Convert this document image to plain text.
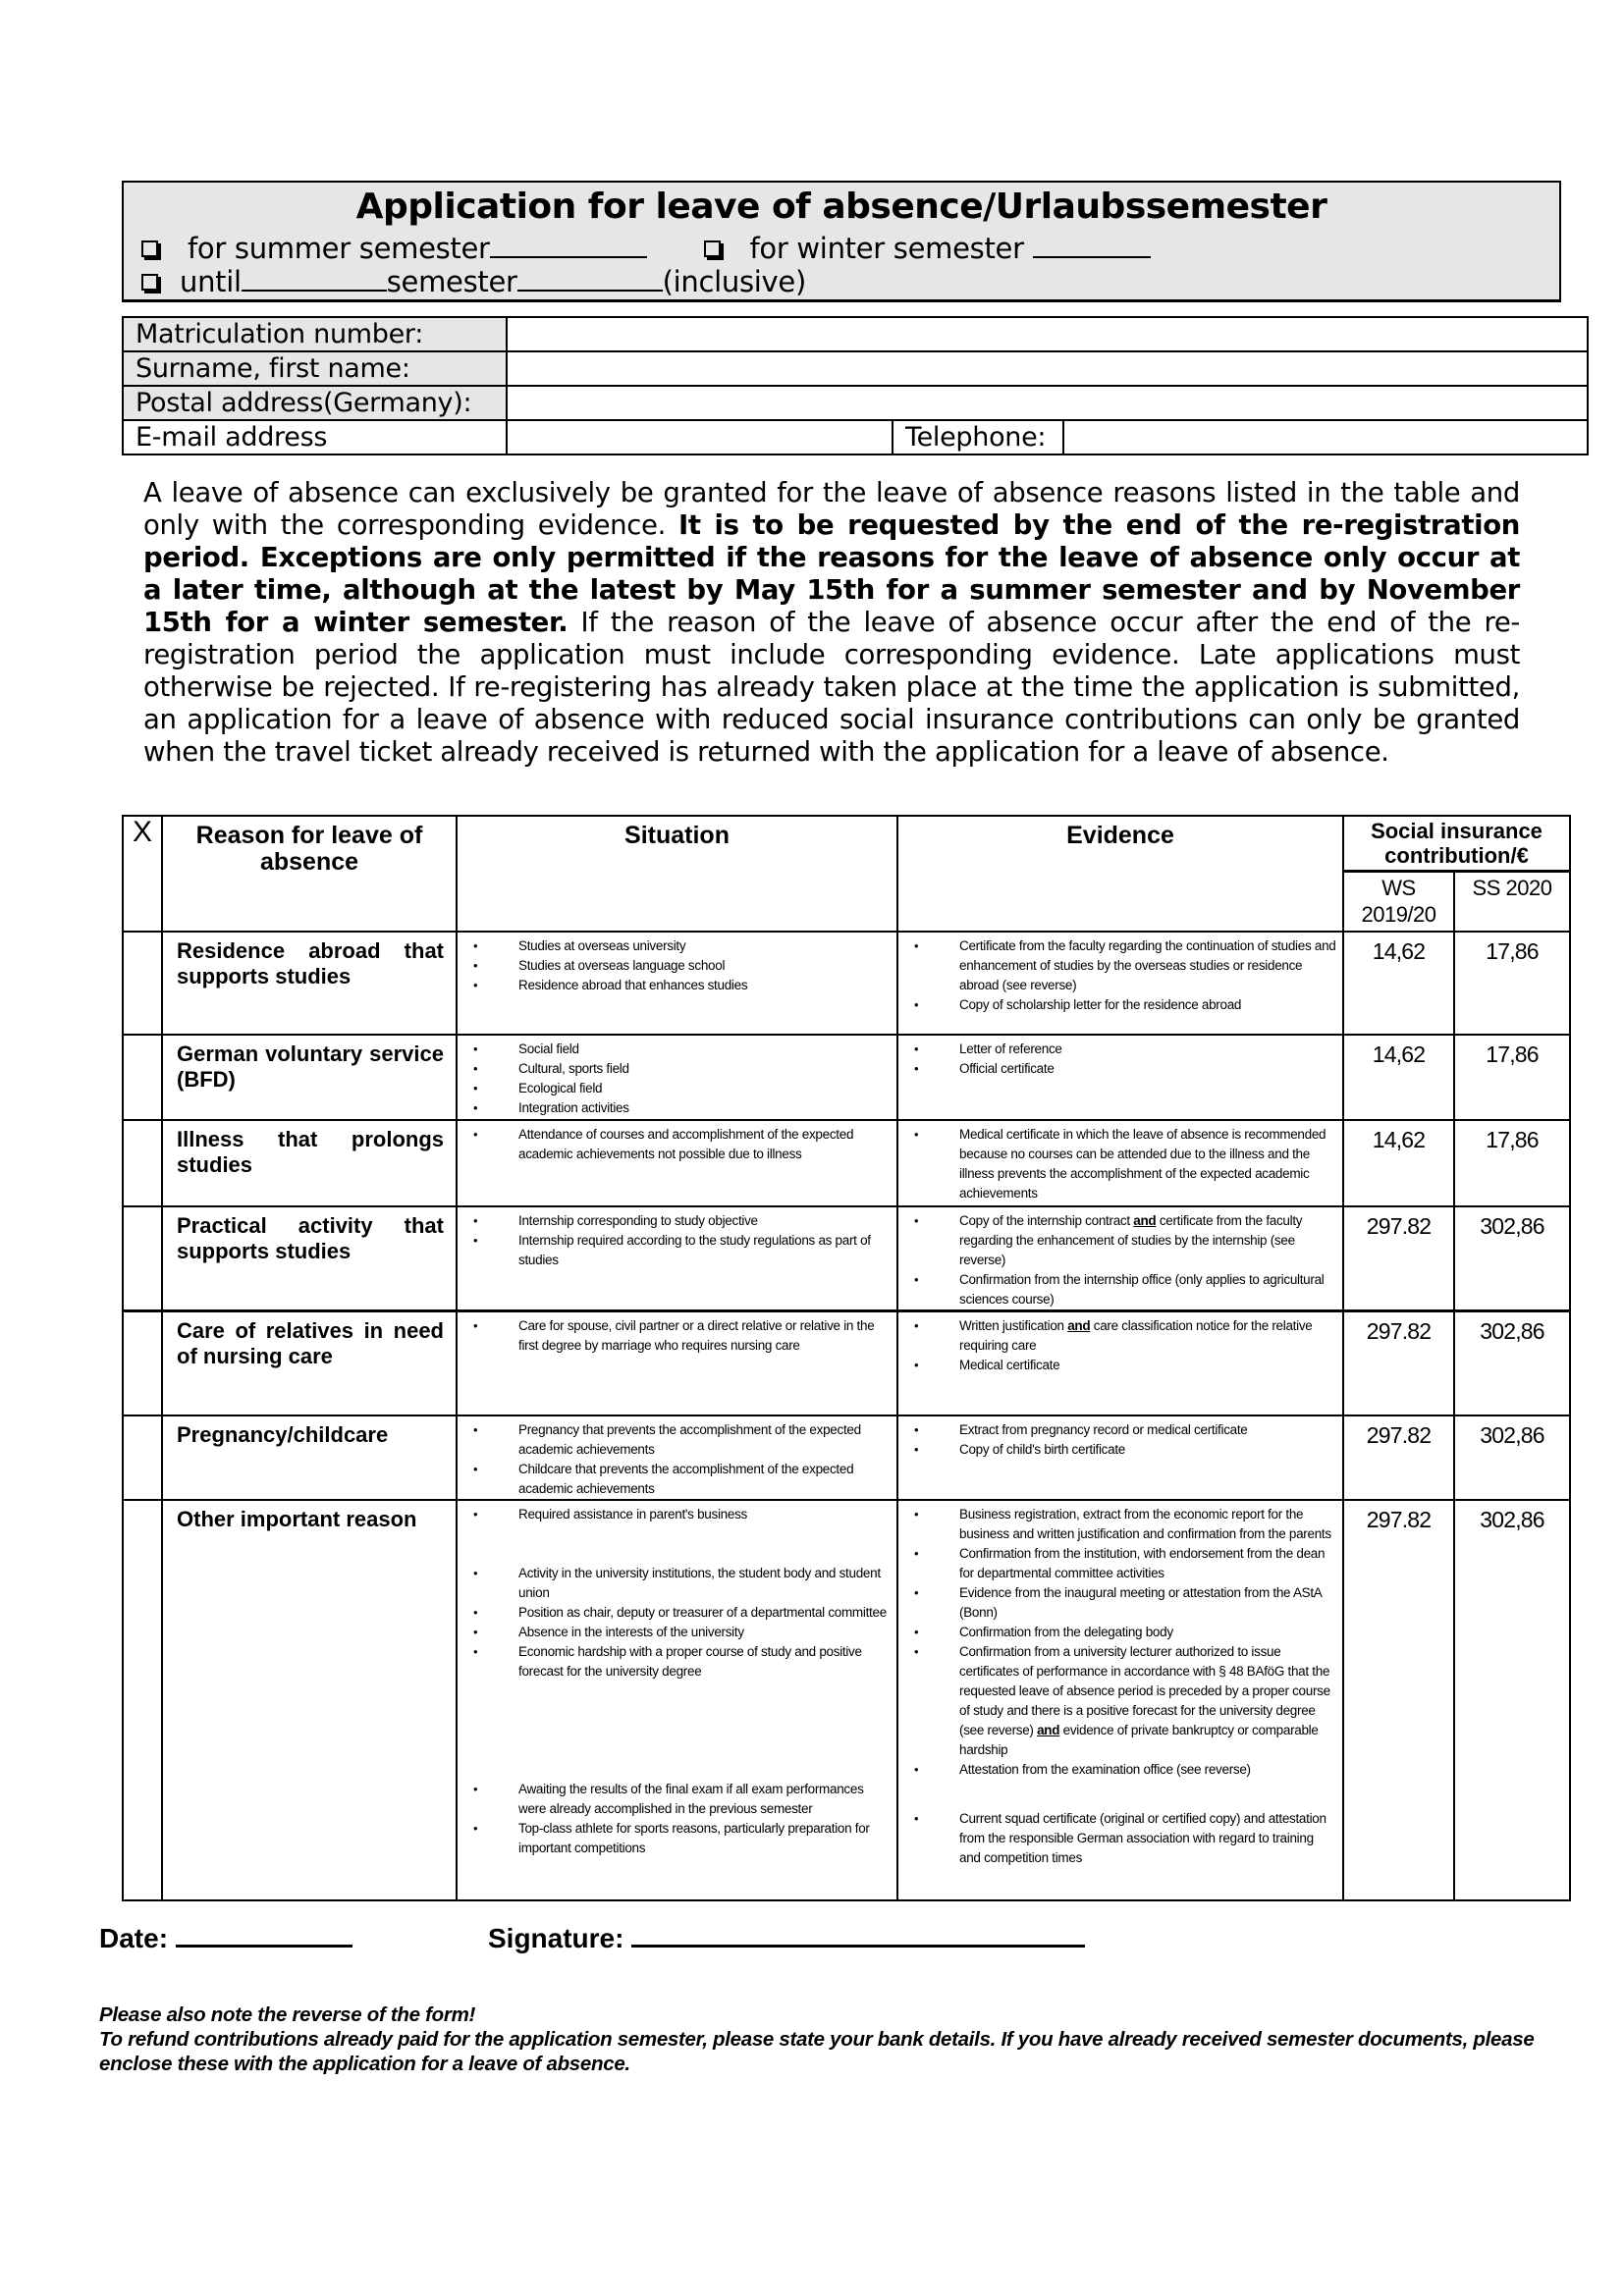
Application for leave of absence/Urlaubssemester
for summer semester	for winter semester
until	semester	(inclusive)
Matriculation number:			
Surname, first name:			
Postal address(Germany):			
E-mail address		Telephone:	
A leave of absence can exclusively be granted for the leave of absence reasons listed in the table and only with the corresponding evidence. It is to be requested by the end of the re-registration period. Exceptions are only permitted if the reasons for the leave of absence only occur at a later time, although at the latest by May 15th for a summer semester and by November 15th for a winter semester. If the reason of the leave of absence occur after the end of the re-registration period the application must include corresponding evidence. Late applications must otherwise be rejected. If re-registering has already taken place at the time the application is submitted, an application for a leave of absence with reduced social insurance contributions can only be granted when the travel ticket already received is returned with the application for a leave of absence.
X	Reason for leave of absence	Situation	Evidence	Social insurance contribution/€	
				WS 2019/20	SS 2020
	Residence abroad that supports studies	
• Studies at overseas university
• Studies at overseas language school
• Residence abroad that enhances studies

• Certificate from the faculty regarding the continuation of studies and enhancement of studies by the overseas studies or residence abroad (see reverse)
• Copy of scholarship letter for the residence abroad
	14,62	17,86
	German voluntary service (BFD)	
• Social field
• Cultural, sports field
• Ecological field
• Integration activities

• Letter of reference
• Official certificate
	14,62	17,86
	Illness that prolongs studies	
• Attendance of courses and accomplishment of the expected academic achievements not possible due to illness

• Medical certificate in which the leave of absence is recommended because no courses can be attended due to the illness and the illness prevents the accomplishment of the expected academic achievements
	14,62	17,86
	Practical activity that supports studies	
• Internship corresponding to study objective
• Internship required according to the study regulations as part of studies

• Copy of the internship contract and certificate from the faculty regarding the enhancement of studies by the internship (see reverse)
• Confirmation from the internship office (only applies to agricultural sciences course)
	297.82	302,86
	Care of relatives in need of nursing care	
• Care for spouse, civil partner or a direct relative or relative in the first degree by marriage who requires nursing care

• Written justification and care classification notice for the relative requiring care
• Medical certificate
	297.82	302,86
	Pregnancy/childcare	
•Pregnancy that prevents the accomplishment of the expected academic achievements
• Childcare that prevents the accomplishment of the expected academic achievements

• Extract from pregnancy record or medical certificate
• Copy of child's birth certificate
	297.82	302,86
	Other important reason	
•Required assistance in parent's business
• Activity in the university institutions, the student body and student union
• Position as chair, deputy or treasurer of a departmental committee
• Absence in the interests of the university
• Economic hardship with a proper course of study and positive forecast for the university degree
• Awaiting the results of the final exam if all exam performances were already accomplished in the previous semester
• Top-class athlete for sports reasons, particularly preparation for important competitions

• Business registration, extract from the economic report for the business and written justification and confirmation from the parents
• Confirmation from the institution, with endorsement from the dean for departmental committee activities
• Evidence from the inaugural meeting or attestation from the AStA (Bonn)
• Confirmation from the delegating body
• Confirmation from a university lecturer authorized to issue certificates of performance in accordance with § 48 BAföG that the requested leave of absence period is preceded by a proper course of study and there is a positive forecast for the university degree (see reverse) and evidence of private bankruptcy or comparable hardship
• Attestation from the examination office (see reverse)
• Current squad certificate (original or certified copy) and attestation from the responsible German association with regard to training and competition times
	297.82	302,86
Date:	Signature:
Please also note the reverse of the form!
To refund contributions already paid for the application semester, please state your bank details. If you have already received semester documents, please enclose these with the application for a leave of absence.
